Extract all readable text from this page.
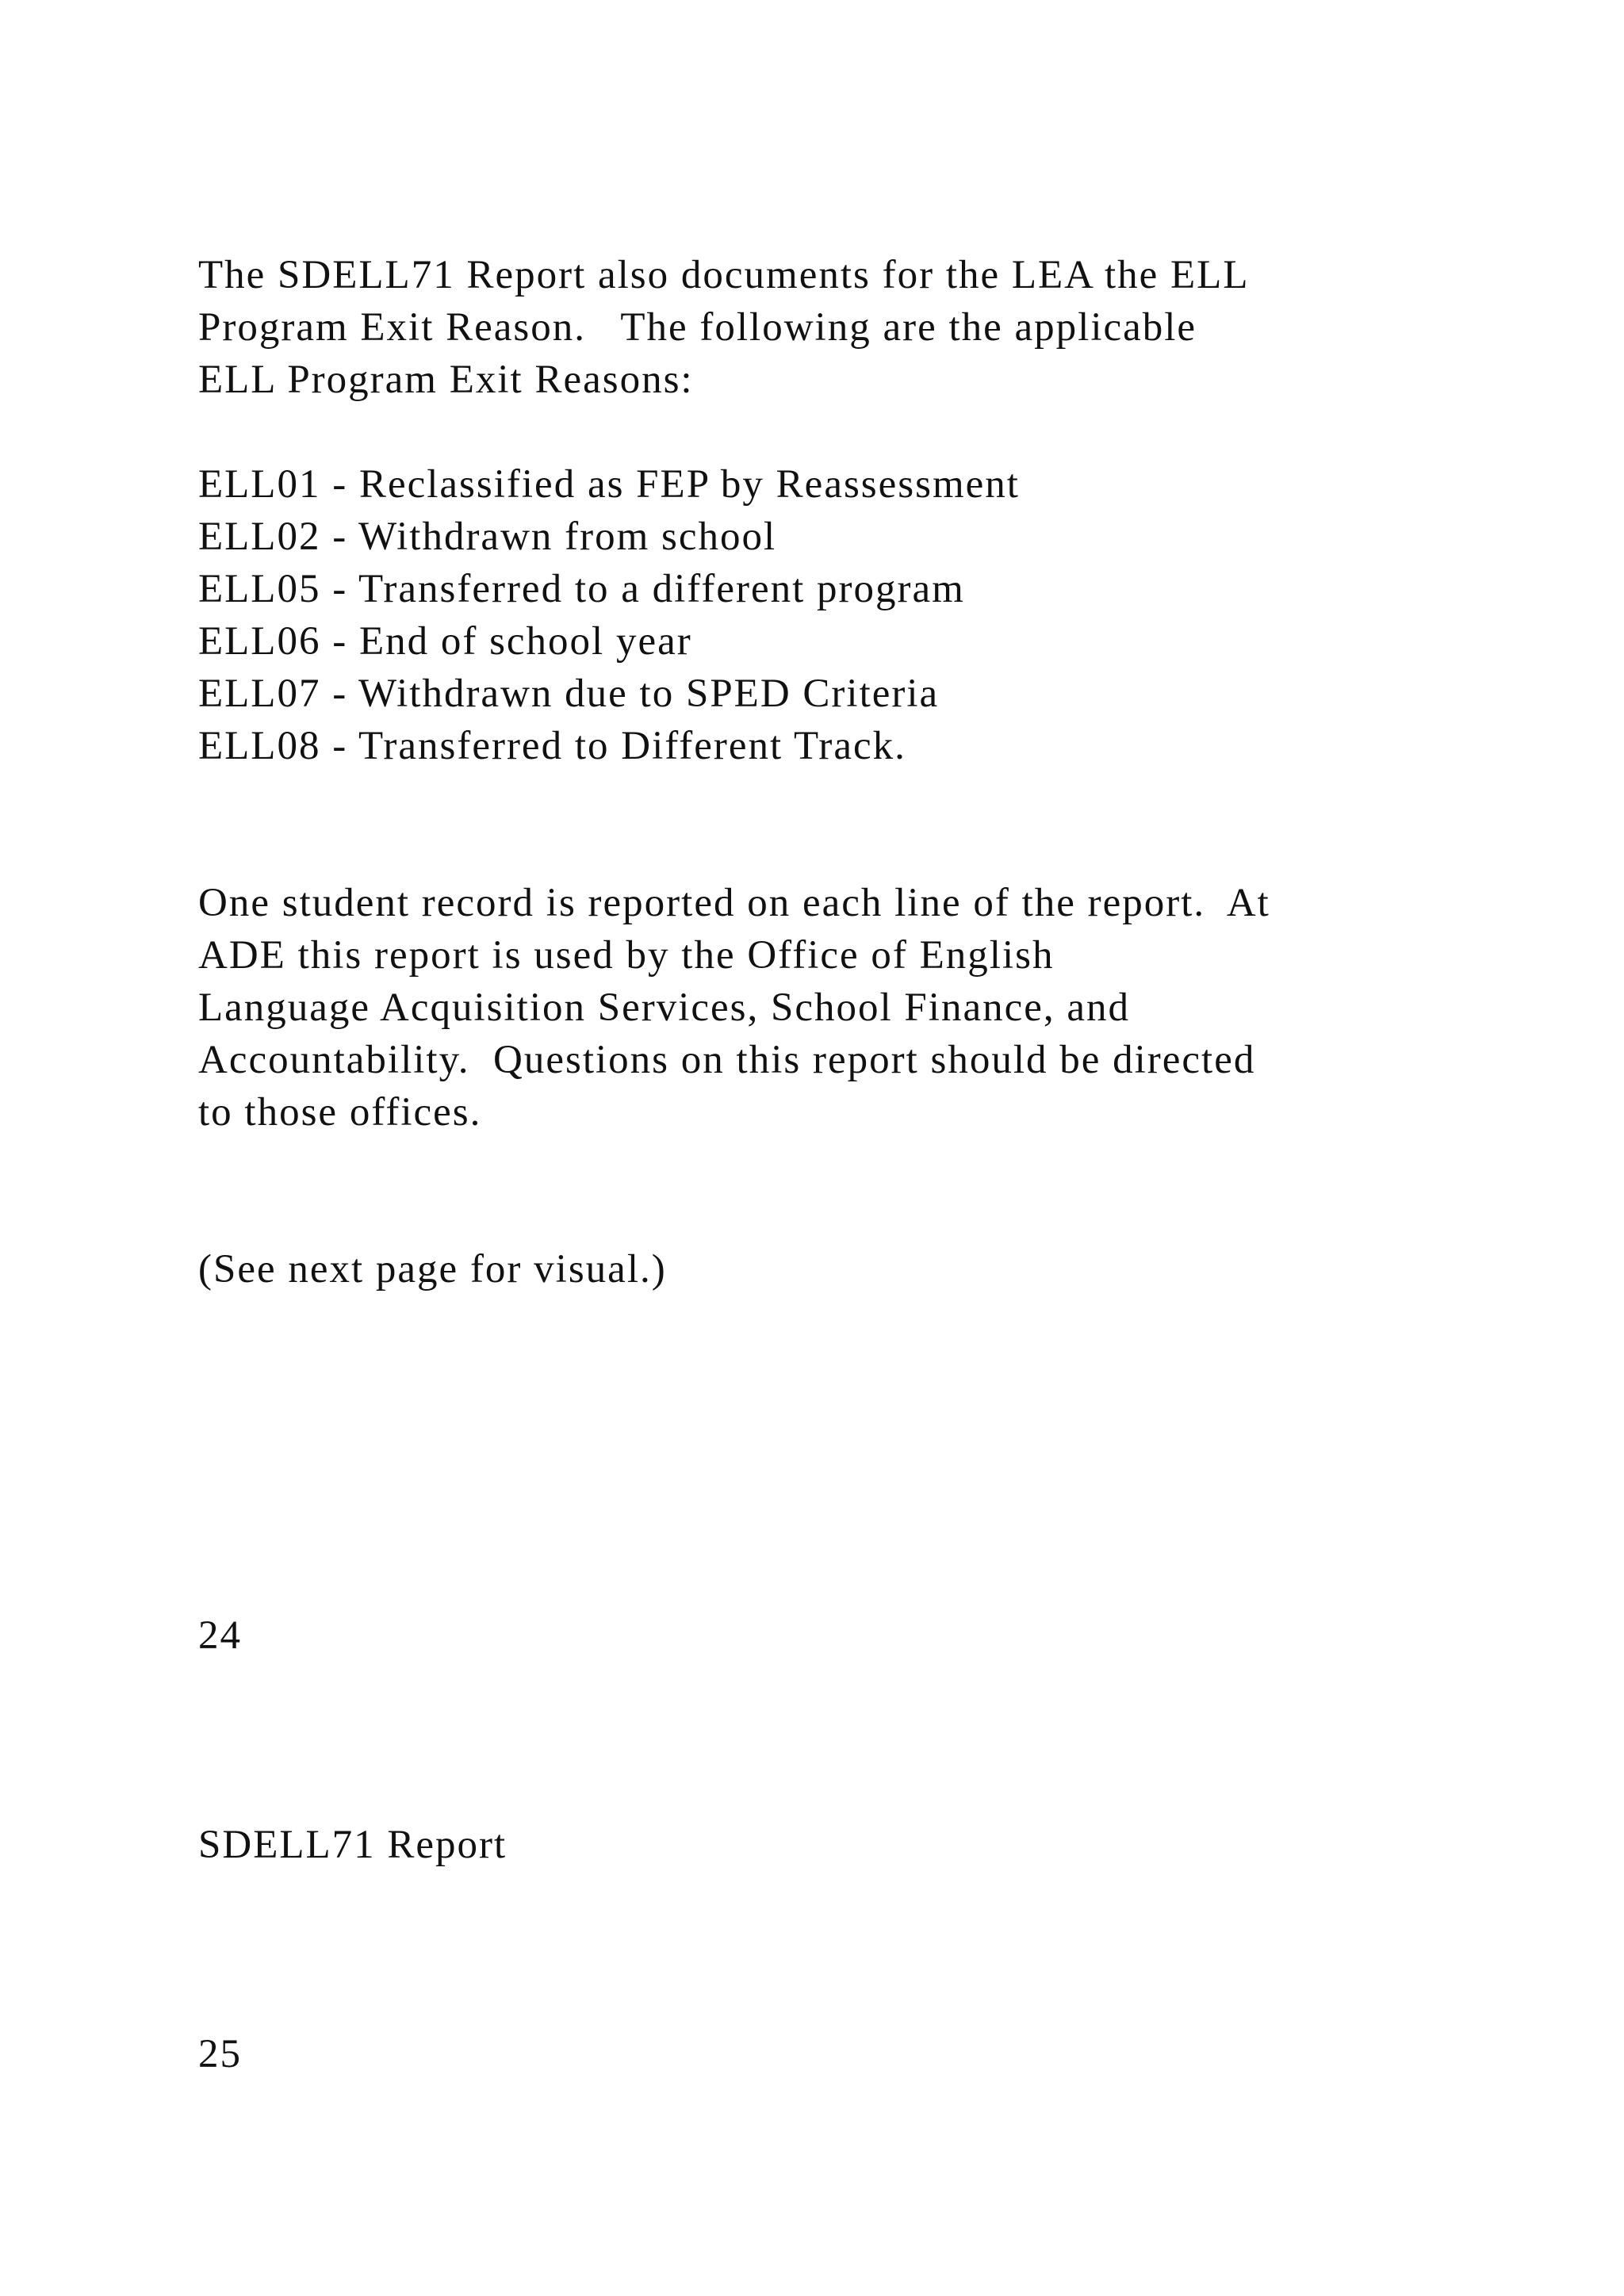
The SDELL71 Report also documents for the LEA the ELL
Program Exit Reason.   The following are the applicable
ELL Program Exit Reasons:
ELL01 - Reclassified as FEP by Reassessment
ELL02 - Withdrawn from school
ELL05 - Transferred to a different program
ELL06 - End of school year
ELL07 - Withdrawn due to SPED Criteria
ELL08 - Transferred to Different Track.
One student record is reported on each line of the report.  At
ADE this report is used by the Office of English
Language Acquisition Services, School Finance, and
Accountability.  Questions on this report should be directed
to those offices.
(See next page for visual.)
24
SDELL71 Report
25
